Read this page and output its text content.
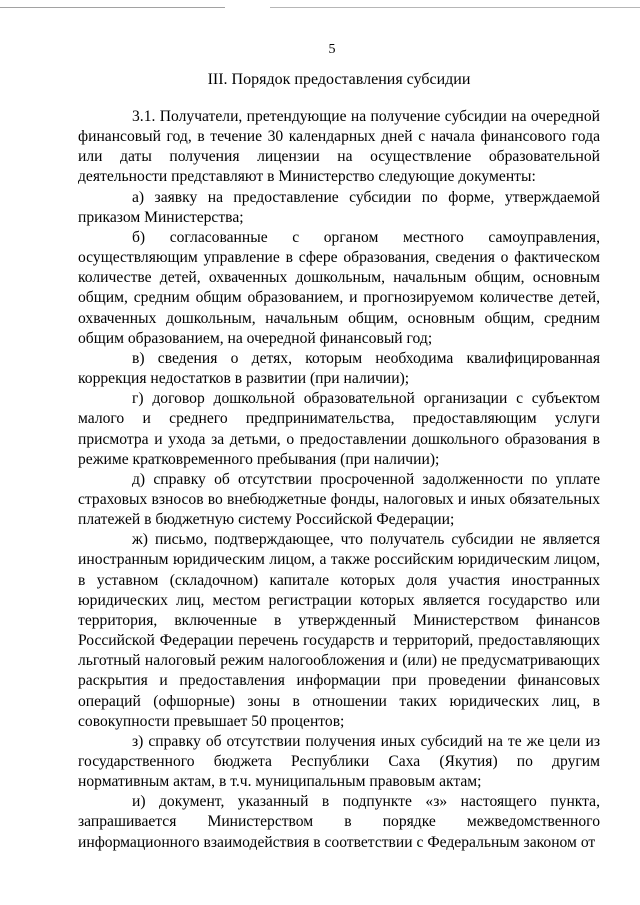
5
III. Порядок предоставления субсидии

3.1. Получатели, претендующие на получение субсидии на очередной финансовый год, в течение 30 календарных дней с начала финансового года или даты получения лицензии на осуществление образовательной деятельности представляют в Министерство следующие документы:

а) заявку на предоставление субсидии по форме, утверждаемой приказом Министерства;

б) согласованные с органом местного самоуправления, осуществляющим управление в сфере образования, сведения о фактическом количестве детей, охваченных дошкольным, начальным общим, основным общим, средним общим образованием, и прогнозируемом количестве детей, охваченных дошкольным, начальным общим, основным общим, средним общим образованием, на очередной финансовый год;

в) сведения о детях, которым необходима квалифицированная коррекция недостатков в развитии (при наличии);

г) договор дошкольной образовательной организации с субъектом малого и среднего предпринимательства, предоставляющим услуги присмотра и ухода за детьми, о предоставлении дошкольного образования в режиме кратковременного пребывания (при наличии);

д) справку об отсутствии просроченной задолженности по уплате страховых взносов во внебюджетные фонды, налоговых и иных обязательных платежей в бюджетную систему Российской Федерации;

ж) письмо, подтверждающее, что получатель субсидии не является иностранным юридическим лицом, а также российским юридическим лицом, в уставном (складочном) капитале которых доля участия иностранных юридических лиц, местом регистрации которых является государство или территория, включенные в утвержденный Министерством финансов Российской Федерации перечень государств и территорий, предоставляющих льготный налоговый режим налогообложения и (или) не предусматривающих раскрытия и предоставления информации при проведении финансовых операций (офшорные) зоны в отношении таких юридических лиц, в совокупности превышает 50 процентов;

з) справку об отсутствии получения иных субсидий на те же цели из государственного бюджета Республики Саха (Якутия) по другим нормативным актам, в т.ч. муниципальным правовым актам;

и) документ, указанный в подпункте «з» настоящего пункта, запрашивается Министерством в порядке межведомственного информационного взаимодействия в соответствии с Федеральным законом от
